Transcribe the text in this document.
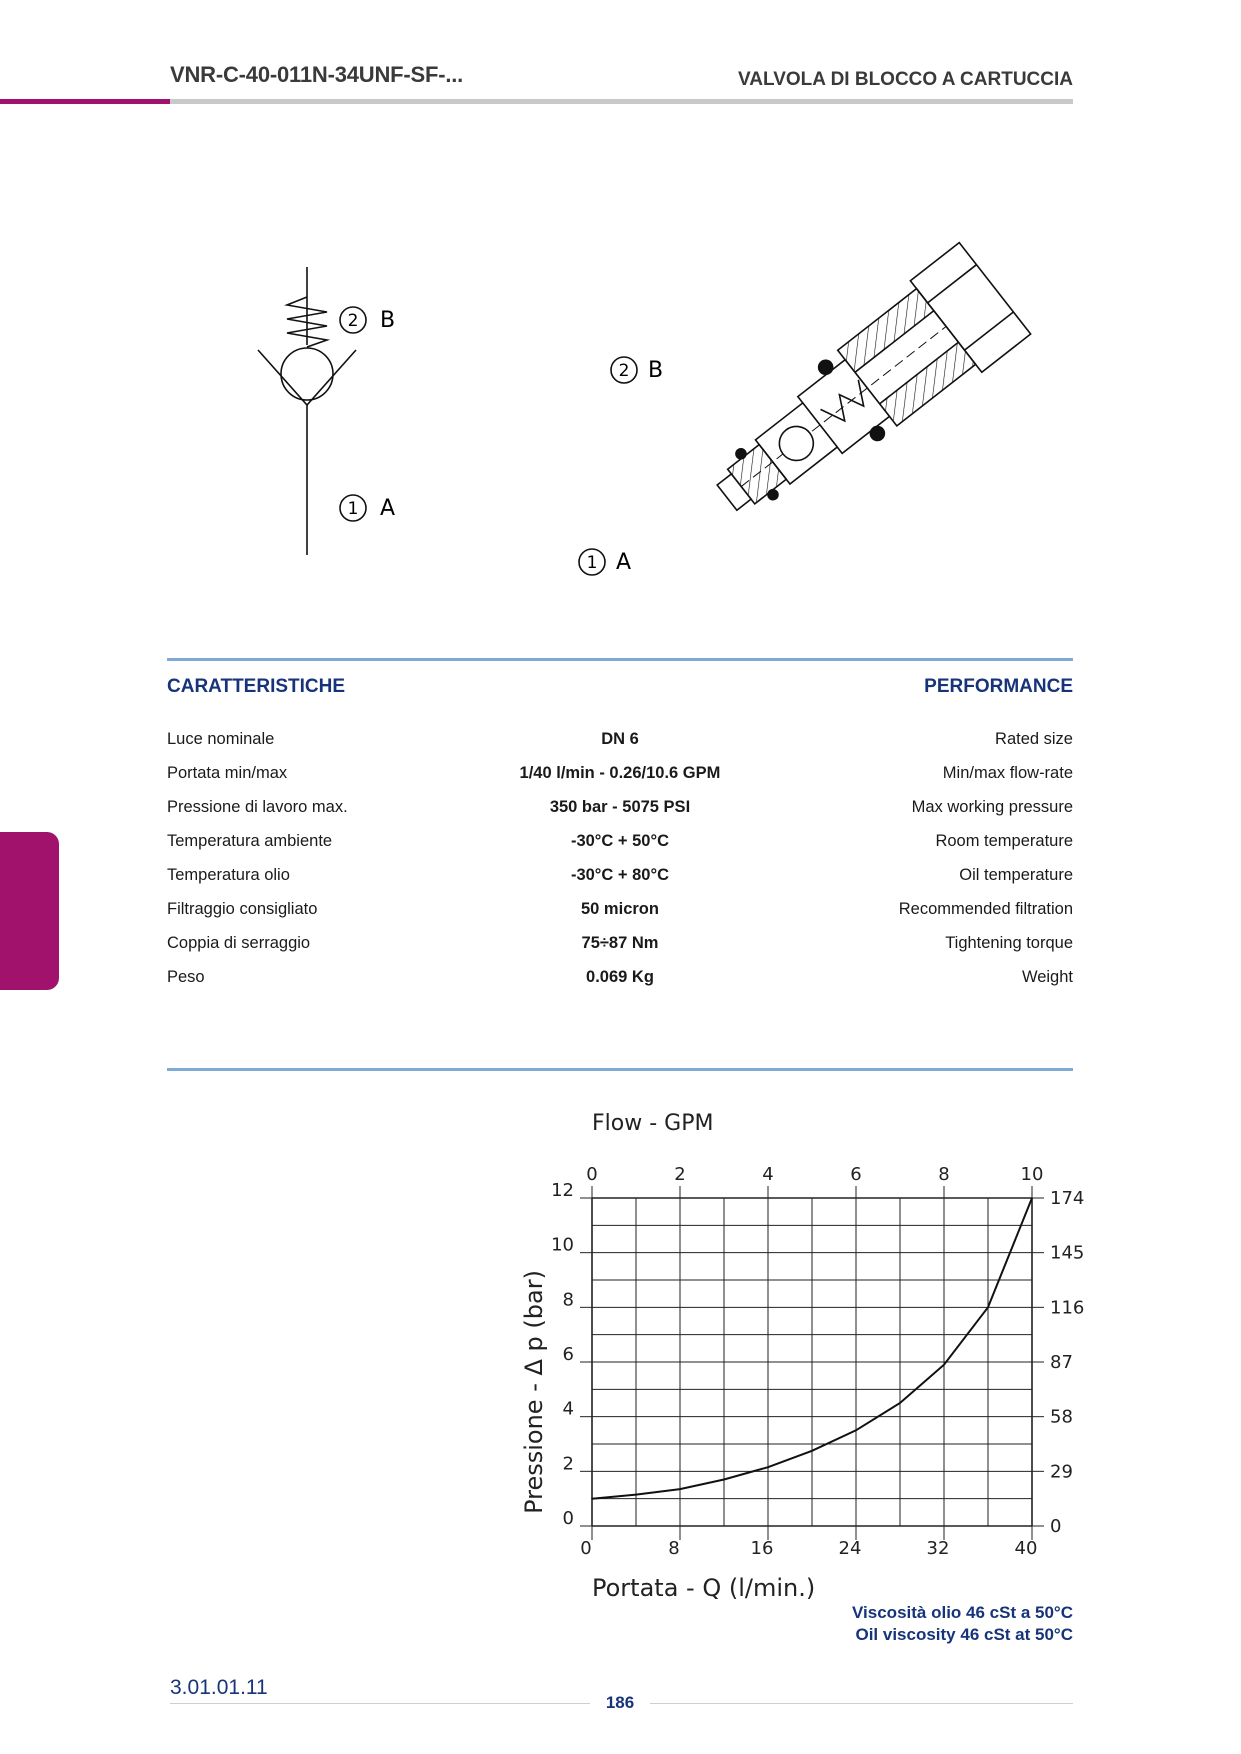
VNR-C-40-011N-34UNF-SF-...	VALVOLA DI BLOCCO A CARTUCCIA
2 B
1 A
2 B
1 A
CARATTERISTICHE	PERFORMANCE
Luce nominale	DN 6	Rated size
Portata min/max	1/40 l/min - 0.26/10.6 GPM	Min/max flow-rate
Pressione di lavoro max.	350 bar - 5075 PSI	Max working pressure
Temperatura ambiente	-30°C + 50°C	Room temperature
Temperatura olio	-30°C + 80°C	Oil temperature
Filtraggio consigliato	50 micron	Recommended filtration
Coppia di serraggio	75÷87 Nm	Tightening torque
Peso	0.069 Kg	Weight
0	8	16	24	32	40
0	2	4	6	8	10
0
2
4
6
8
10
12
0
29
58
87
116
145
174
Flow - GPM
Portata - Q (l/min.)
Pressione - Δ p (bar)
Viscosità olio 46 cSt a 50°C
Oil viscosity 46 cSt at 50°C
3.01.01.11
186
